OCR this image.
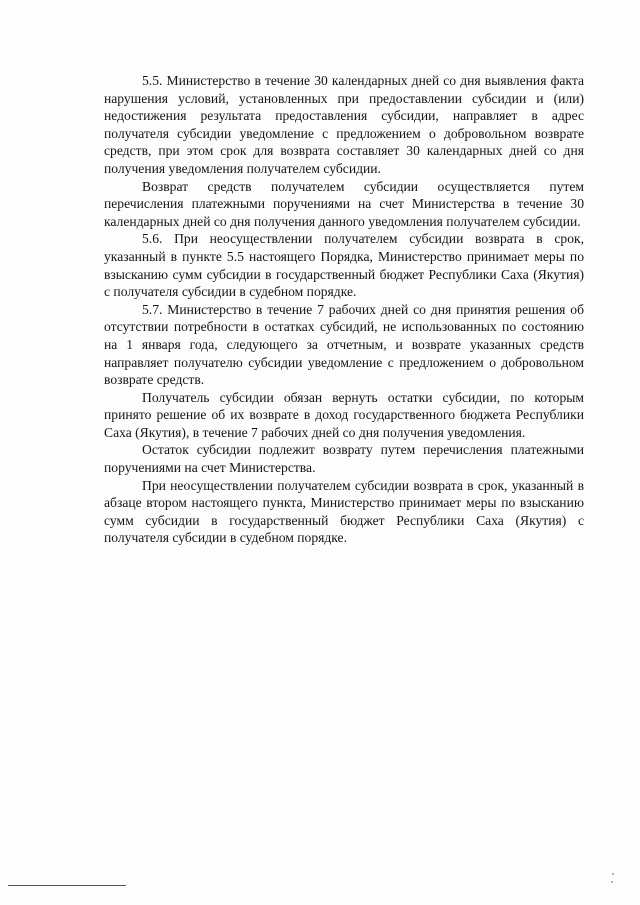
5.5. Министерство в течение 30 календарных дней со дня выявления факта нарушения условий, установленных при предоставлении субсидии и (или) недостижения результата предоставления субсидии, направляет в адрес получателя субсидии уведомление с предложением о добровольном возврате средств, при этом срок для возврата составляет 30 календарных дней со дня получения уведомления получателем субсидии.

Возврат средств получателем субсидии осуществляется путем перечисления платежными поручениями на счет Министерства в течение 30 календарных дней со дня получения данного уведомления получателем субсидии.

5.6. При неосуществлении получателем субсидии возврата в срок, указанный в пункте 5.5 настоящего Порядка, Министерство принимает меры по взысканию сумм субсидии в государственный бюджет Республики Саха (Якутия) с получателя субсидии в судебном порядке.

5.7. Министерство в течение 7 рабочих дней со дня принятия решения об отсутствии потребности в остатках субсидий, не использованных по состоянию на 1 января года, следующего за отчетным, и возврате указанных средств направляет получателю субсидии уведомление с предложением о добровольном возврате средств.

Получатель субсидии обязан вернуть остатки субсидии, по которым принято решение об их возврате в доход государственного бюджета Республики Саха (Якутия), в течение 7 рабочих дней со дня получения уведомления.

Остаток субсидии подлежит возврату путем перечисления платежными поручениями на счет Министерства.

При неосуществлении получателем субсидии возврата в срок, указанный в абзаце втором настоящего пункта, Министерство принимает меры по взысканию сумм субсидии в государственный бюджет Республики Саха (Якутия) с получателя субсидии в судебном порядке.
